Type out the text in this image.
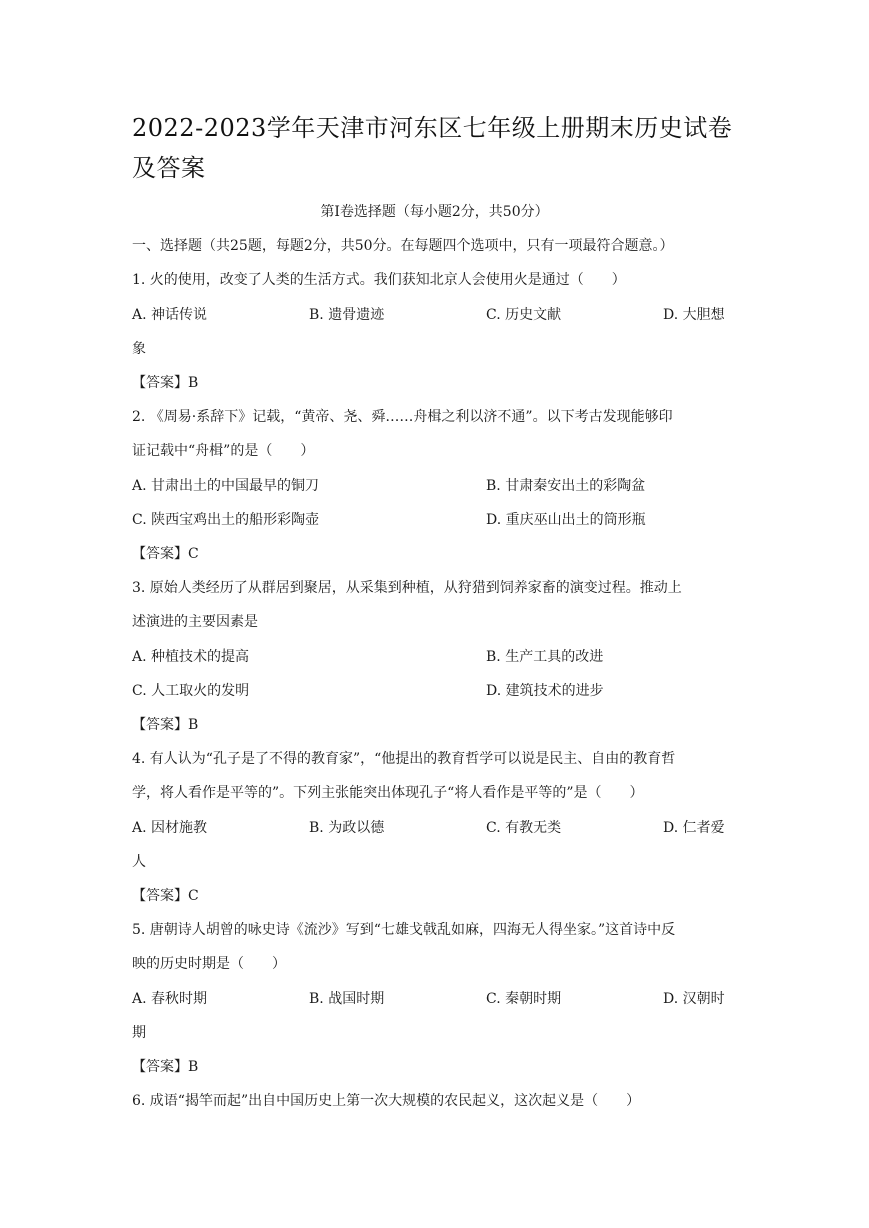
2022-2023学年天津市河东区七年级上册期末历史试卷及答案
第Ⅰ卷选择题（每小题2分，共50分）
一、选择题（共25题，每题2分，共50分。在每题四个选项中，只有一项最符合题意。）
1. 火的使用，改变了人类的生活方式。我们获知北京人会使用火是通过（　　）
A. 神话传说	B. 遗骨遗迹	C. 历史文献	D. 大胆想
象
【答案】B
2. 《周易·系辞下》记载，“黄帝、尧、舜……舟楫之利以济不通”。以下考古发现能够印
证记载中“舟楫”的是（　　）
A. 甘肃出土的中国最早的铜刀	B. 甘肃秦安出土的彩陶盆
C. 陕西宝鸡出土的船形彩陶壶	D. 重庆巫山出土的筒形瓶
【答案】C
3. 原始人类经历了从群居到聚居，从采集到种植，从狩猎到饲养家畜的演变过程。推动上
述演进的主要因素是
A. 种植技术的提高	B. 生产工具的改进
C. 人工取火的发明	D. 建筑技术的进步
【答案】B
4. 有人认为“孔子是了不得的教育家”，“他提出的教育哲学可以说是民主、自由的教育哲
学，将人看作是平等的”。下列主张能突出体现孔子“将人看作是平等的”是（　　）
A. 因材施教	B. 为政以德	C. 有教无类	D. 仁者爱
人
【答案】C
5. 唐朝诗人胡曾的咏史诗《流沙》写到“七雄戈戟乱如麻，四海无人得坐家。”这首诗中反
映的历史时期是（　　）
A. 春秋时期	B. 战国时期	C. 秦朝时期	D. 汉朝时
期
【答案】B
6. 成语“揭竿而起”出自中国历史上第一次大规模的农民起义，这次起义是（　　）
